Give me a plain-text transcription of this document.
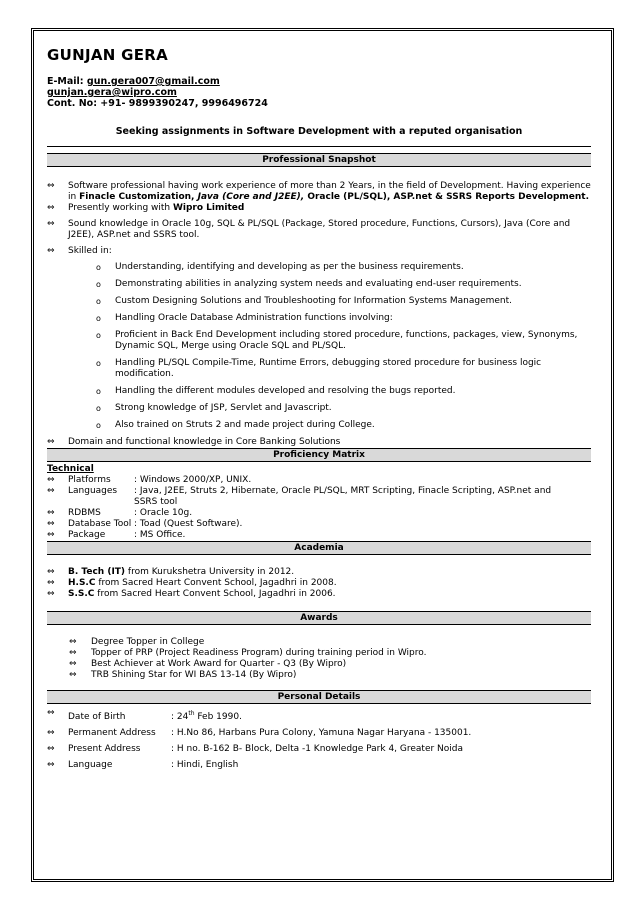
GUNJAN GERA
E-Mail: gun.gera007@gmail.com
gunjan.gera@wipro.com
Cont. No: +91- 9899390247, 9996496724
Seeking assignments in Software Development with a reputed organisation
Professional Snapshot
⇔ Software professional having work experience of more than 2 Years, in the field of Development. Having experience in Finacle Customization, Java (Core and J2EE), Oracle (PL/SQL), ASP.net & SSRS Reports Development.
⇔ Presently working with Wipro Limited
⇔ Sound knowledge in Oracle 10g, SQL & PL/SQL (Package, Stored procedure, Functions, Cursors), Java (Core and J2EE), ASP.net and SSRS tool.
⇔ Skilled in:
o Understanding, identifying and developing as per the business requirements.
o Demonstrating abilities in analyzing system needs and evaluating end-user requirements.
o Custom Designing Solutions and Troubleshooting for Information Systems Management.
o Handling Oracle Database Administration functions involving:
o Proficient in Back End Development including stored procedure, functions, packages, view, Synonyms, Dynamic SQL, Merge using Oracle SQL and PL/SQL.
o Handling PL/SQL Compile-Time, Runtime Errors, debugging stored procedure for business logic modification.
o Handling the different modules developed and resolving the bugs reported.
o Strong knowledge of JSP, Servlet and Javascript.
o Also trained on Struts 2 and made project during College.
⇔ Domain and functional knowledge in Core Banking Solutions
Proficiency Matrix
Technical
⇔ Platforms	: Windows 2000/XP, UNIX.
⇔ Languages : Java, J2EE, Struts 2, Hibernate, Oracle PL/SQL, MRT Scripting, Finacle Scripting, ASP.net and SSRS tool
⇔ RDBMS	: Oracle 10g.
⇔ Database Tool : Toad (Quest Software).
⇔ Package	: MS Office.
Academia
⇔ B. Tech (IT) from Kurukshetra University in 2012.
⇔ H.S.C from Sacred Heart Convent School, Jagadhri in 2008.
⇔ S.S.C from Sacred Heart Convent School, Jagadhri in 2006.
Awards
⇔ Degree Topper in College
⇔ Topper of PRP (Project Readiness Program) during training period in Wipro.
⇔ Best Achiever at Work Award for Quarter - Q3 (By Wipro)
⇔ TRB Shining Star for WI BAS 13-14 (By Wipro)
Personal Details
⇔ Date of Birth	: 24th Feb 1990.
⇔ Permanent Address : H.No 86, Harbans Pura Colony, Yamuna Nagar Haryana - 135001.
⇔ Present Address	: H no. B-162 B- Block, Delta -1 Knowledge Park 4, Greater Noida
⇔ Language	: Hindi, English
